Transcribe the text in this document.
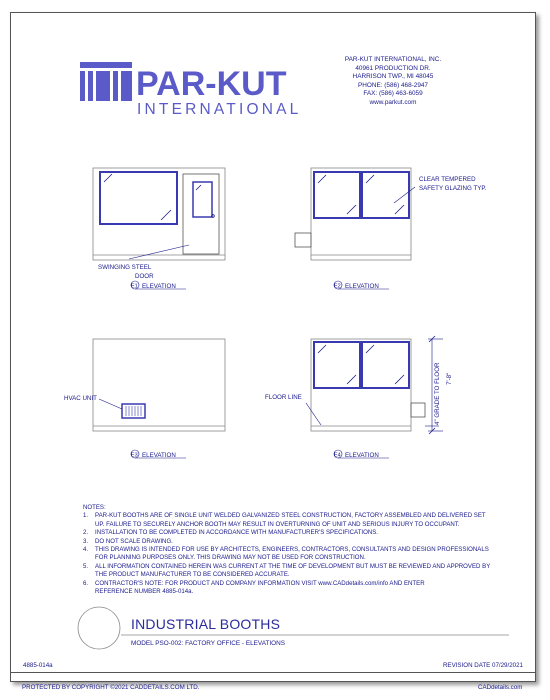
PAR-KUT
INTERNATIONAL
PAR-KUT INTERNATIONAL, INC.
40961 PRODUCTION DR.
HARRISON TWP., MI 48045
PHONE: (586) 468-2947
FAX: (586) 463-6059
www.parkut.com
E1 ELEVATION
SWINGING STEEL
DOOR
E2 ELEVATION
CLEAR TEMPERED
SAFETY GLAZING TYP.
E3 ELEVATION
HVAC UNIT
E4 ELEVATION
FLOOR LINE	4" GRADE TO FLOOR 7'-8"
NOTES:
1. PAR-KUT BOOTHS ARE OF SINGLE UNIT WELDED GALVANIZED STEEL CONSTRUCTION, FACTORY ASSEMBLED AND DELIVERED SET
UP. FAILURE TO SECURELY ANCHOR BOOTH MAY RESULT IN OVERTURNING OF UNIT AND SERIOUS INJURY TO OCCUPANT.
2. INSTALLATION TO BE COMPLETED IN ACCORDANCE WITH MANUFACTURER'S SPECIFICATIONS.
3. DO NOT SCALE DRAWING.
4. THIS DRAWING IS INTENDED FOR USE BY ARCHITECTS, ENGINEERS, CONTRACTORS, CONSULTANTS AND DESIGN PROFESSIONALS
FOR PLANNING PURPOSES ONLY. THIS DRAWING MAY NOT BE USED FOR CONSTRUCTION.
5. ALL INFORMATION CONTAINED HEREIN WAS CURRENT AT THE TIME OF DEVELOPMENT BUT MUST BE REVIEWED AND APPROVED BY
THE PRODUCT MANUFACTURER TO BE CONSIDERED ACCURATE.
6. CONTRACTOR'S NOTE: FOR PRODUCT AND COMPANY INFORMATION VISIT www.CADdetails.com/info AND ENTER
REFERENCE NUMBER 4885-014a.
INDUSTRIAL BOOTHS
MODEL PSO-002: FACTORY OFFICE - ELEVATIONS
4885-014a	REVISION DATE 07/29/2021
PROTECTED BY COPYRIGHT ©2021 CADDETAILS.COM LTD.	CADdetails.com
